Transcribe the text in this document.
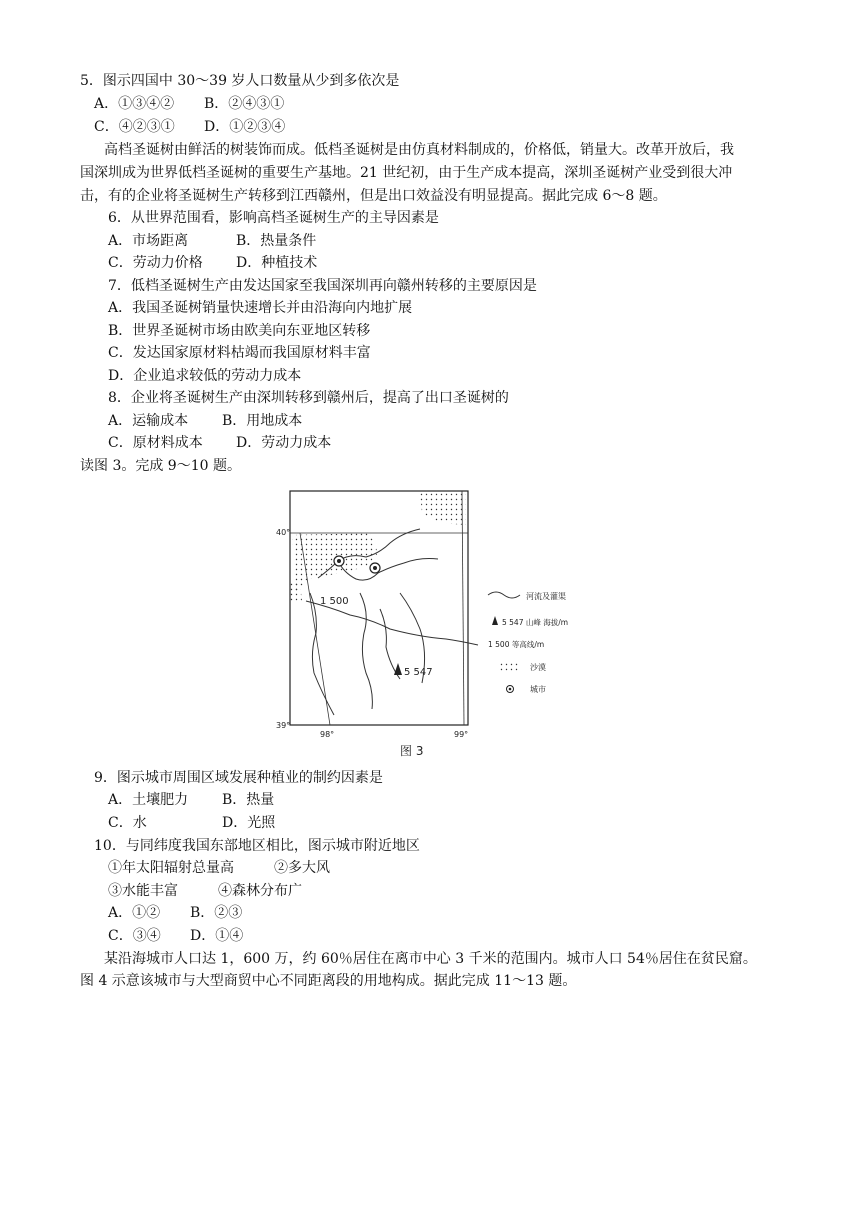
5．图示四国中 30～39 岁人口数量从少到多依次是
A．①③④② B．②④③①
C．④②③① D．①②③④
高档圣诞树由鲜活的树装饰而成。低档圣诞树是由仿真材料制成的，价格低，销量大。改革开放后，我
国深圳成为世界低档圣诞树的重要生产基地。21 世纪初，由于生产成本提高，深圳圣诞树产业受到很大冲
击，有的企业将圣诞树生产转移到江西赣州，但是出口效益没有明显提高。据此完成 6～8 题。
6．从世界范围看，影响高档圣诞树生产的主导因素是
A．市场距离	B．热量条件
C．劳动力价格 D．种植技术
7．低档圣诞树生产由发达国家至我国深圳再向赣州转移的主要原因是
A．我国圣诞树销量快速增长并由沿海向内地扩展
B．世界圣诞树市场由欧美向东亚地区转移
C．发达国家原材料枯竭而我国原材料丰富
D．企业追求较低的劳动力成本
8．企业将圣诞树生产由深圳转移到赣州后，提高了出口圣诞树的
A．运输成本 B．用地成本
C．原材料成本 D．劳动力成本
读图 3。完成 9～10 题。
40°
39°
98°	99°
1 500
5 547
河流及灌渠
5 547 山峰 海拔/m
1 500 等高线/m
沙漠
城市
图 3
9．图示城市周围区域发展种植业的制约因素是
A．土壤肥力 B．热量
C．水	D．光照
10．与同纬度我国东部地区相比，图示城市附近地区
①年太阳辐射总量高	②多大风
③水能丰富	④森林分布广
A．①② B．②③
C．③④ D．①④
某沿海城市人口达 1，600 万，约 60％居住在离市中心 3 千米的范围内。城市人口 54％居住在贫民窟。
图 4 示意该城市与大型商贸中心不同距离段的用地构成。据此完成 11～13 题。
